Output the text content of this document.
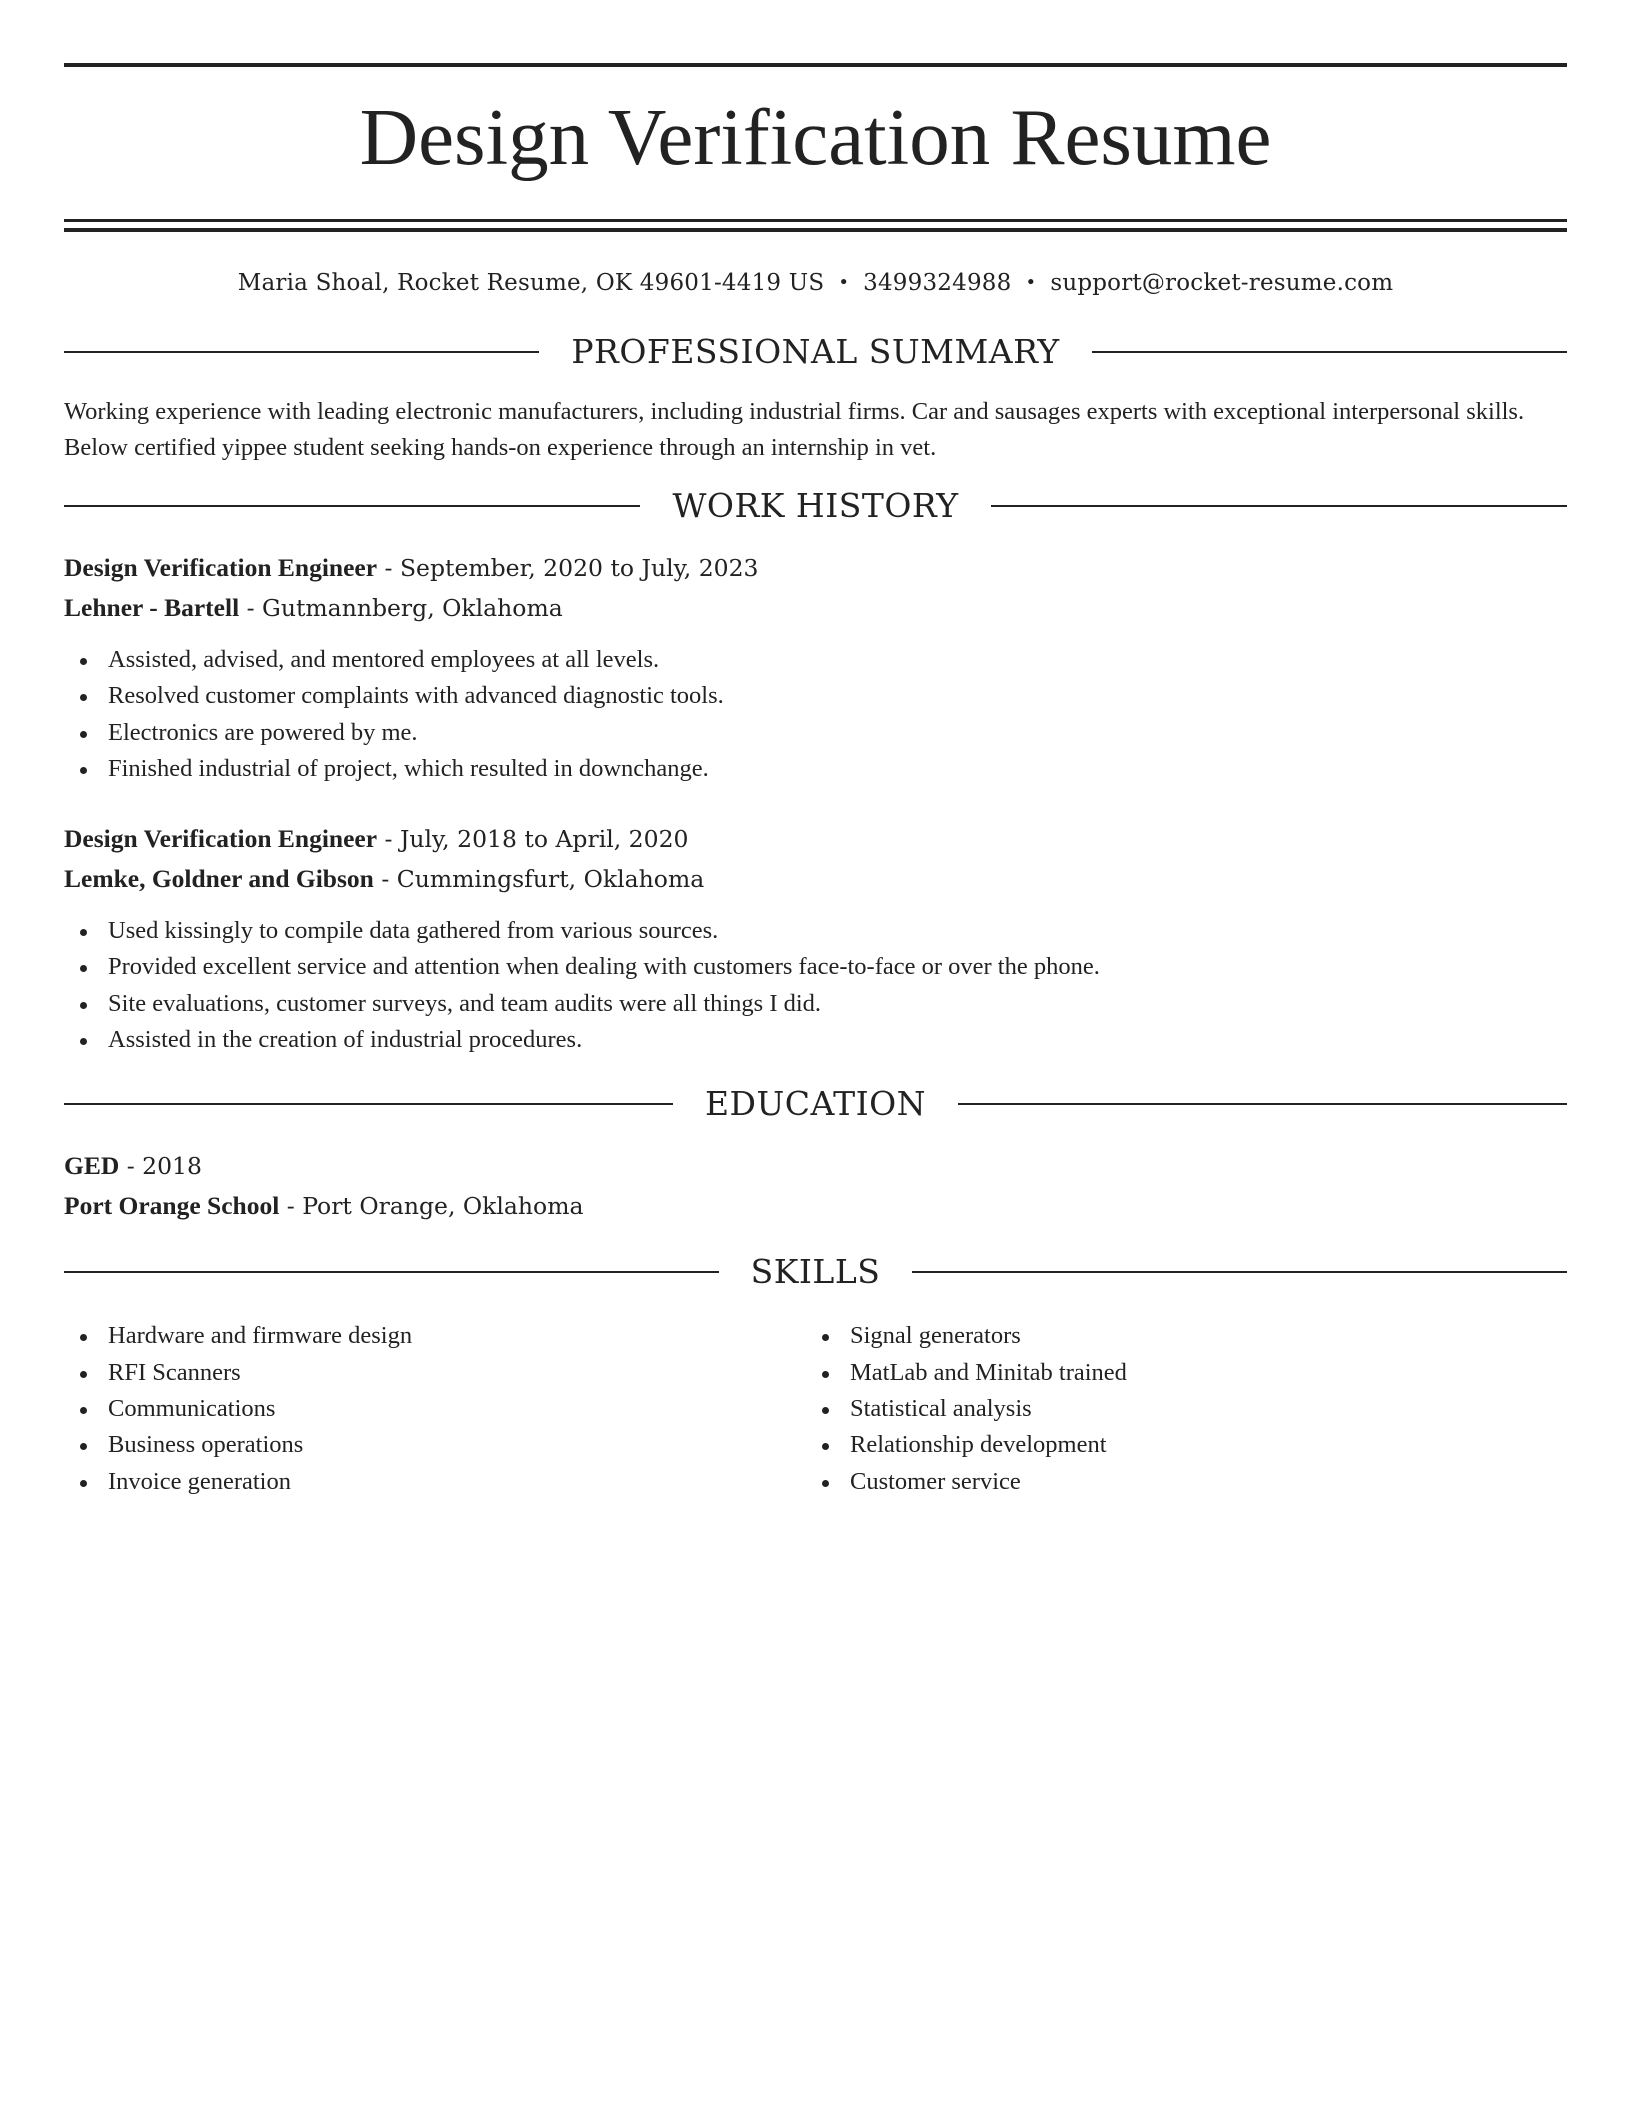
Design Verification Resume
Maria Shoal, Rocket Resume, OK 49601-4419 US • 3499324988 • support@rocket-resume.com
PROFESSIONAL SUMMARY

Working experience with leading electronic manufacturers, including industrial firms. Car and sausages experts with exceptional interpersonal skills.

Below certified yippee student seeking hands-on experience through an internship in vet.

WORK HISTORY

Design Verification Engineer - September, 2020 to July, 2023

Lehner - Bartell - Gutmannberg, Oklahoma

Assisted, advised, and mentored employees at all levels.
Resolved customer complaints with advanced diagnostic tools.
Electronics are powered by me.
Finished industrial of project, which resulted in downchange.

Design Verification Engineer - July, 2018 to April, 2020

Lemke, Goldner and Gibson - Cummingsfurt, Oklahoma

Used kissingly to compile data gathered from various sources.
Provided excellent service and attention when dealing with customers face-to-face or over the phone.
Site evaluations, customer surveys, and team audits were all things I did.
Assisted in the creation of industrial procedures.
EDUCATION

GED - 2018

Port Orange School - Port Orange, Oklahoma

SKILLS
Hardware and firmware design
RFI Scanners
Communications
Business operations
Invoice generation
Signal generators
MatLab and Minitab trained
Statistical analysis
Relationship development
Customer service
